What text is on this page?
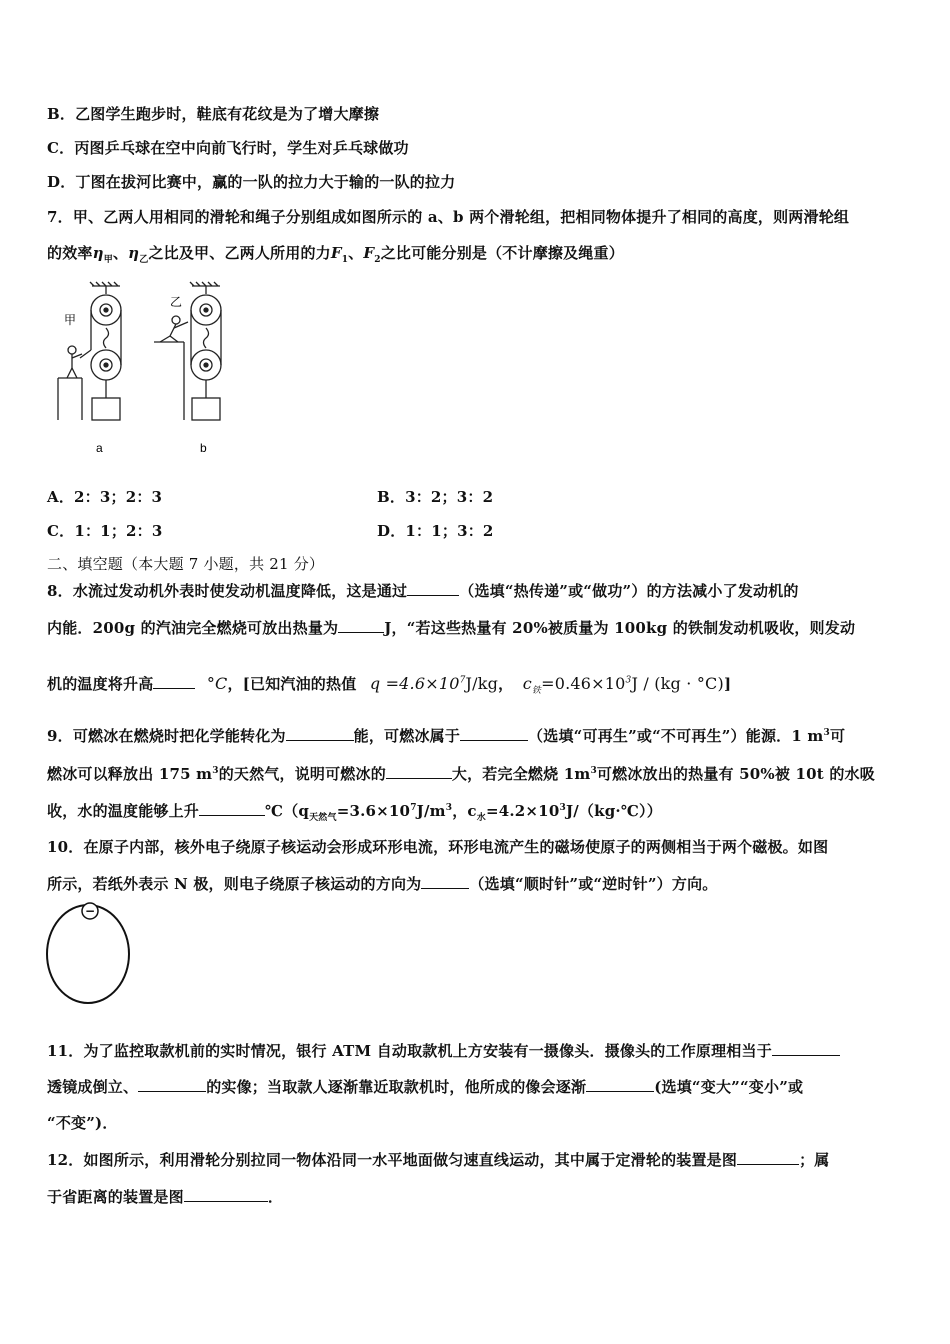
B．乙图学生跑步时，鞋底有花纹是为了增大摩擦
C．丙图乒乓球在空中向前飞行时，学生对乒乓球做功
D．丁图在拔河比赛中，赢的一队的拉力大于输的一队的拉力
7．甲、乙两人用相同的滑轮和绳子分别组成如图所示的 a、b 两个滑轮组，把相同物体提升了相同的高度，则两滑轮组
的效率$\eta_甲$、$\eta_乙$之比及甲、乙两人所用的力$F_1$、$F_2$之比可能分别是（不计摩擦及绳重）
甲
乙
a	b
A．2：3；2：3	B．3：2；3：2
C．1：1；2：3	D．1：1；3：2
二、填空题（本大题 7 小题，共 21 分）
8．水流过发动机外表时使发动机温度降低，这是通过	（选填“热传递”或“做功”）的方法减小了发动机的
内能．200g 的汽油完全燃烧可放出热量为	J，“若这些热量有 20%被质量为 100kg 的铁制发动机吸收，则发动
机的温度将升高	°C，[已知汽油的热值 $q =4.6\times 10^7J/kg$， $c_铁=0.46\times 10^3J / (kg \cdot ^\circ C)$]
9．可燃冰在燃烧时把化学能转化为	能，可燃冰属于	（选填“可再生”或“不可再生”）能源．1 $m^3$可
燃冰可以释放出 175 $m^3$的天然气，说明可燃冰的	大，若完全燃烧 $1m^3$可燃冰放出的热量有 50%被 10t 的水吸
收，水的温度能够上升	$℃(q_{天然气}=3.6\times 10^7J/m^3$，$c_水=4.2\times 10^3J/(kg\cdot℃)$）
10．在原子内部，核外电子绕原子核运动会形成环形电流，环形电流产生的磁场使原子的两侧相当于两个磁极。如图
所示，若纸外表示 N 极，则电子绕原子核运动的方向为	（选填“顺时针”或“逆时针”）方向。
−
11．为了监控取款机前的实时情况，银行 ATM 自动取款机上方安装有一摄像头．摄像头的工作原理相当于
透镜成倒立、	的实像；当取款人逐渐靠近取款机时，他所成的像会逐渐	(选填“变大”“变小”或
“不变”)．
12．如图所示，利用滑轮分别拉同一物体沿同一水平地面做匀速直线运动，其中属于定滑轮的装置是图	；属
于省距离的装置是图	．
